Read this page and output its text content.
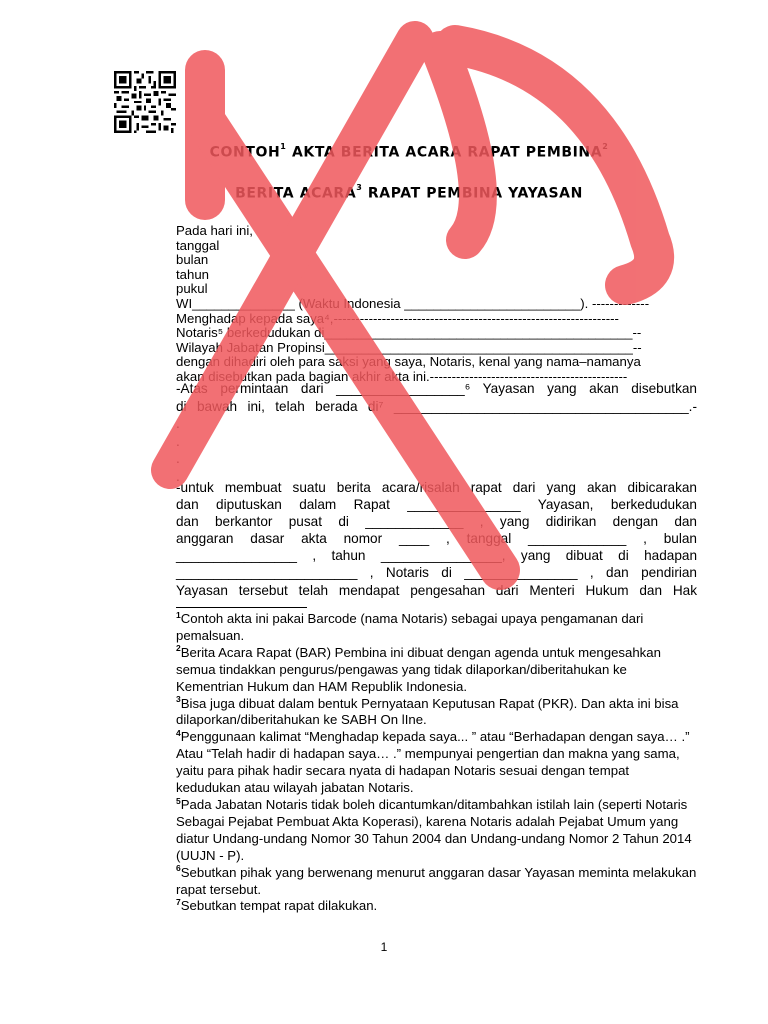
CONTOH$^1$ AKTA BERITA ACARA RAPAT PEMBINA$^2$
BERITA ACARA$^3$ RAPAT PEMBINA YAYASAN
Pada hari ini,
tanggal
bulan
tahun
pukul
WI______________ (Waktu Indonesia ________________________). -------------
Menghadap kepada saya⁴,-----------------------------------------------------------------
Notaris⁵ berkedudukan di__________________________________________--
Wilayah Jabatan Propinsi__________________________________________--
dengan dihadiri oleh para saksi yang saya, Notaris, kenal yang nama–namanya
akan disebutkan pada bagian akhir akta ini.---------------------------------------------
-Atas permintaan dari _________________⁶ Yayasan yang akan disebutkan
di bawah ini, telah berada di⁷ _______________________________________.-
.
.
.
.
-untuk membuat suatu berita acara/risalah rapat dari yang akan dibicarakan
dan diputuskan dalam Rapat _______________ Yayasan, berkedudukan
dan berkantor pusat di _____________ , yang didirikan dengan dan
anggaran dasar akta nomor ____ , tanggal _____________ , bulan
________________ , tahun ________________, yang dibuat di hadapan
________________________ , Notaris di _______________ , dan pendirian
Yayasan tersebut telah mendapat pengesahan dari Menteri Hukum dan Hak

$^1$Contoh akta ini pakai Barcode (nama Notaris) sebagai upaya pengamanan dari pemalsuan.

$^2$Berita Acara Rapat (BAR) Pembina ini dibuat dengan agenda untuk mengesahkan semua tindakkan pengurus/pengawas yang tidak dilaporkan/diberitahukan ke Kementrian Hukum dan HAM Republik Indonesia.

$^3$Bisa juga dibuat dalam bentuk Pernyataan Keputusan Rapat (PKR). Dan akta ini bisa dilaporkan/diberitahukan ke SABH On lIne.

$^4$Penggunaan kalimat “Menghadap kepada saya... ” atau “Berhadapan dengan saya… .” Atau “Telah hadir di hadapan saya… .” mempunyai pengertian dan makna yang sama, yaitu para pihak hadir secara nyata di hadapan Notaris sesuai dengan tempat kedudukan atau wilayah jabatan Notaris.

$^5$Pada Jabatan Notaris tidak boleh dicantumkan/ditambahkan istilah lain (seperti Notaris Sebagai Pejabat Pembuat Akta Koperasi), karena Notaris adalah Pejabat Umum yang diatur Undang-undang Nomor 30 Tahun 2004 dan Undang-undang Nomor 2 Tahun 2014 (UUJN - P).

$^6$Sebutkan pihak yang berwenang menurut anggaran dasar Yayasan meminta melakukan rapat tersebut.

$^7$Sebutkan tempat rapat dilakukan.

1
